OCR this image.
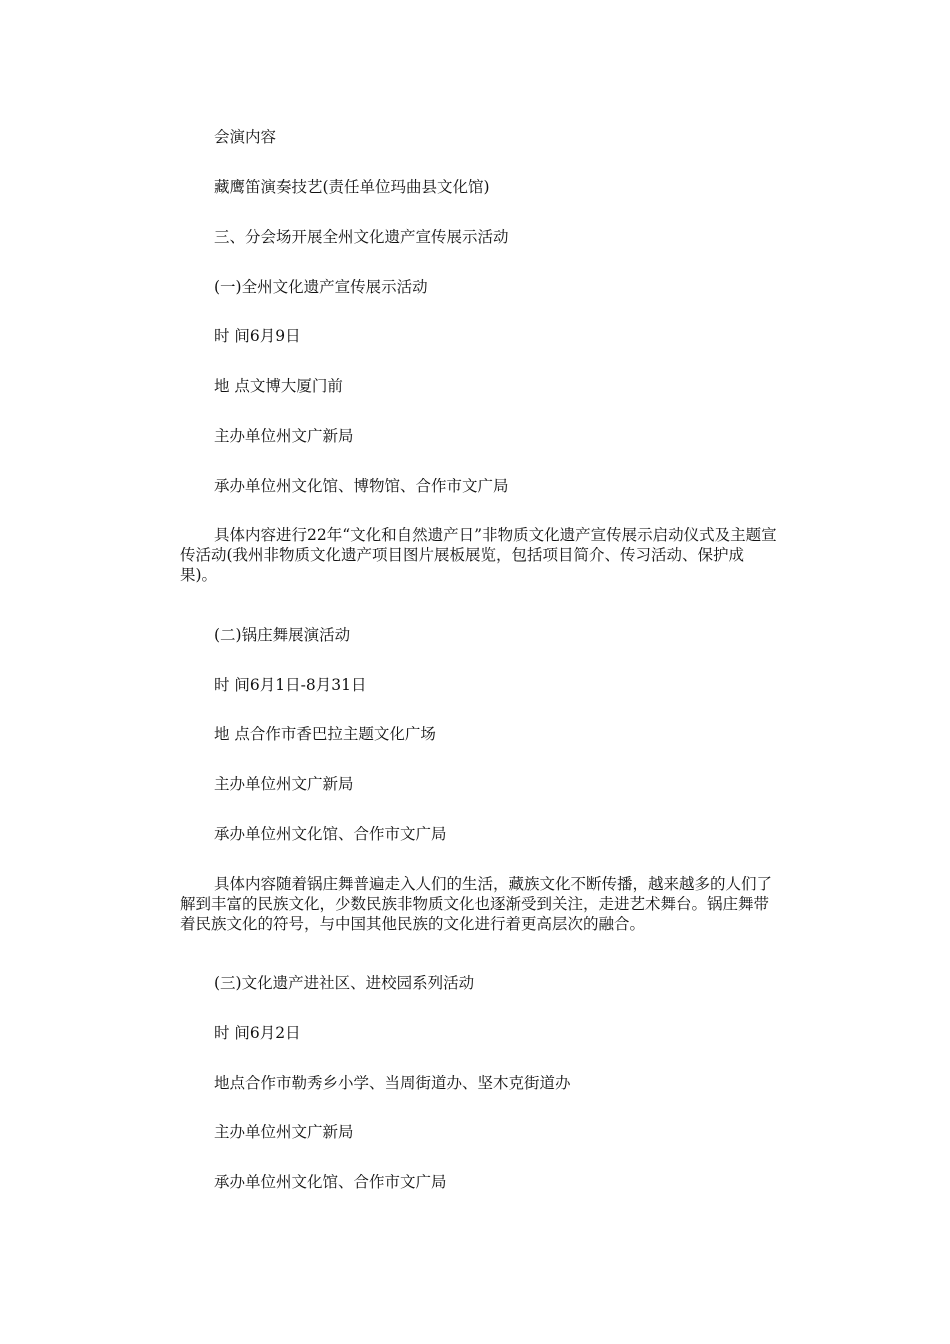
会演内容

藏鹰笛演奏技艺(责任单位玛曲县文化馆)

三、分会场开展全州文化遗产宣传展示活动

(一)全州文化遗产宣传展示活动

时 间6月9日

地 点文博大厦门前

主办单位州文广新局

承办单位州文化馆、博物馆、合作市文广局

具体内容进行22年“文化和自然遗产日”非物质文化遗产宣传展示启动仪式及主题宣传活动(我州非物质文化遗产项目图片展板展览，包括项目简介、传习活动、保护成果)。

(二)锅庄舞展演活动

时 间6月1日-8月31日

地 点合作市香巴拉主题文化广场

主办单位州文广新局

承办单位州文化馆、合作市文广局

具体内容随着锅庄舞普遍走入人们的生活，藏族文化不断传播，越来越多的人们了解到丰富的民族文化，少数民族非物质文化也逐渐受到关注，走进艺术舞台。锅庄舞带着民族文化的符号，与中国其他民族的文化进行着更高层次的融合。

(三)文化遗产进社区、进校园系列活动

时 间6月2日

地点合作市勒秀乡小学、当周街道办、坚木克街道办

主办单位州文广新局

承办单位州文化馆、合作市文广局
